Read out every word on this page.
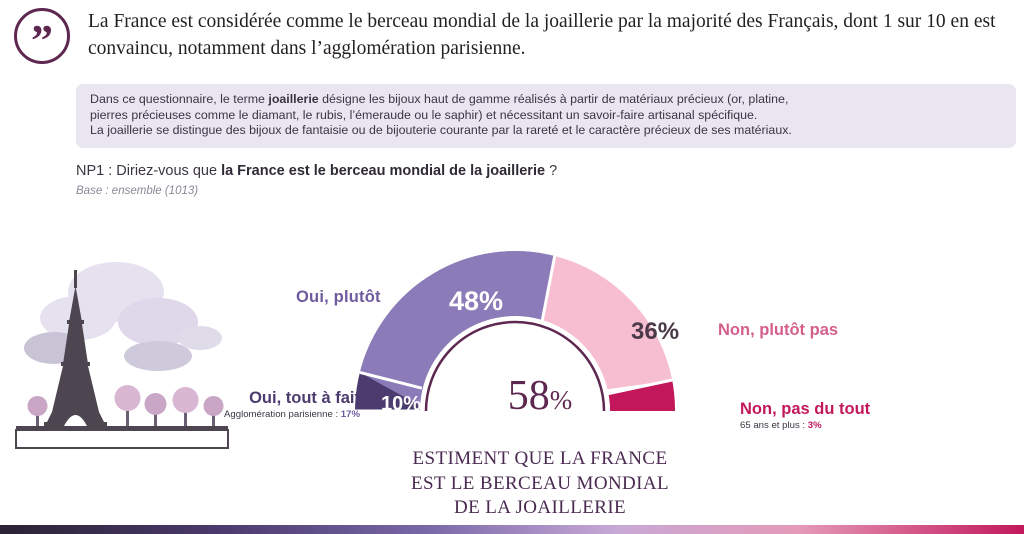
”	La France est considérée comme le berceau mondial de la joaillerie par la majorité des Français, dont 1 sur 10 en est convaincu, notamment dans l’agglomération parisienne.
Dans ce questionnaire, le terme joaillerie désigne les bijoux haut de gamme réalisés à partir de matériaux précieux (or, platine,
pierres précieuses comme le diamant, le rubis, l’émeraude ou le saphir) et nécessitant un savoir-faire artisanal spécifique.
La joaillerie se distingue des bijoux de fantaisie ou de bijouterie courante par la rareté et le caractère précieux de ses matériaux.
NP1 : Diriez-vous que la France est le berceau mondial de la joaillerie ?
Base : ensemble (1013)
48%
36%
10%	6%
Oui, plutôt
Oui, tout à fait
Agglomération parisienne : 17%
Non, plutôt pas
Non, pas du tout
65 ans et plus : 3%
58%
ESTIMENT QUE LA FRANCE
EST LE BERCEAU MONDIAL
DE LA JOAILLERIE
